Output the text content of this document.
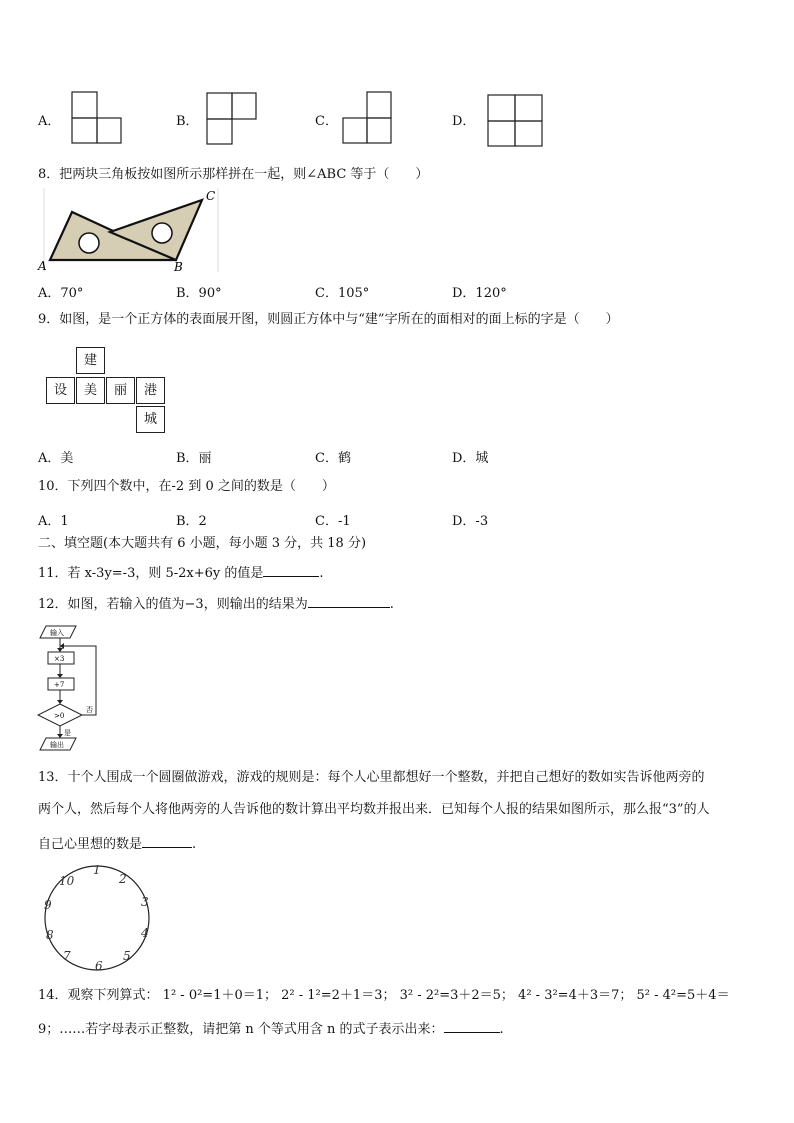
A．	B．	C．	D．
8．把两块三角板按如图所示那样拼在一起，则∠ABC 等于（　　）
A	B
C
A．70°	B．90°	C．105°	D．120°
9．如图，是一个正方体的表面展开图，则圆正方体中与“建”字所在的面相对的面上标的字是（　　）
建
设	美	丽	港
城
A．美	B．丽	C．鹤	D．城
10．下列四个数中，在-2 到 0 之间的数是（　　）
A．1	B．2	C．-1	D．-3
二、填空题(本大题共有 6 小题，每小题 3 分，共 18 分)
11．若 x-3y=-3，则 5-2x+6y 的值是	.
12．如图，若输入的值为−3，则输出的结果为	.
输入
×3
+7
>0
否
是
输出
13．十个人围成一个圆圈做游戏，游戏的规则是：每个人心里都想好一个整数，并把自己想好的数如实告诉他两旁的
两个人，然后每个人将他两旁的人告诉他的数计算出平均数并报出来．已知每个人报的结果如图所示，那么报“3”的人
自己心里想的数是	.
1
2
3
4
5
6
7
8
9
10
14．观察下列算式： 1² - 0²=1＋0＝1； 2² - 1²=2＋1＝3； 3² - 2²=3＋2＝5； 4² - 3²=4＋3＝7； 5² - 4²=5＋4＝
9；……若字母表示正整数，请把第 n 个等式用含 n 的式子表示出来：	.
